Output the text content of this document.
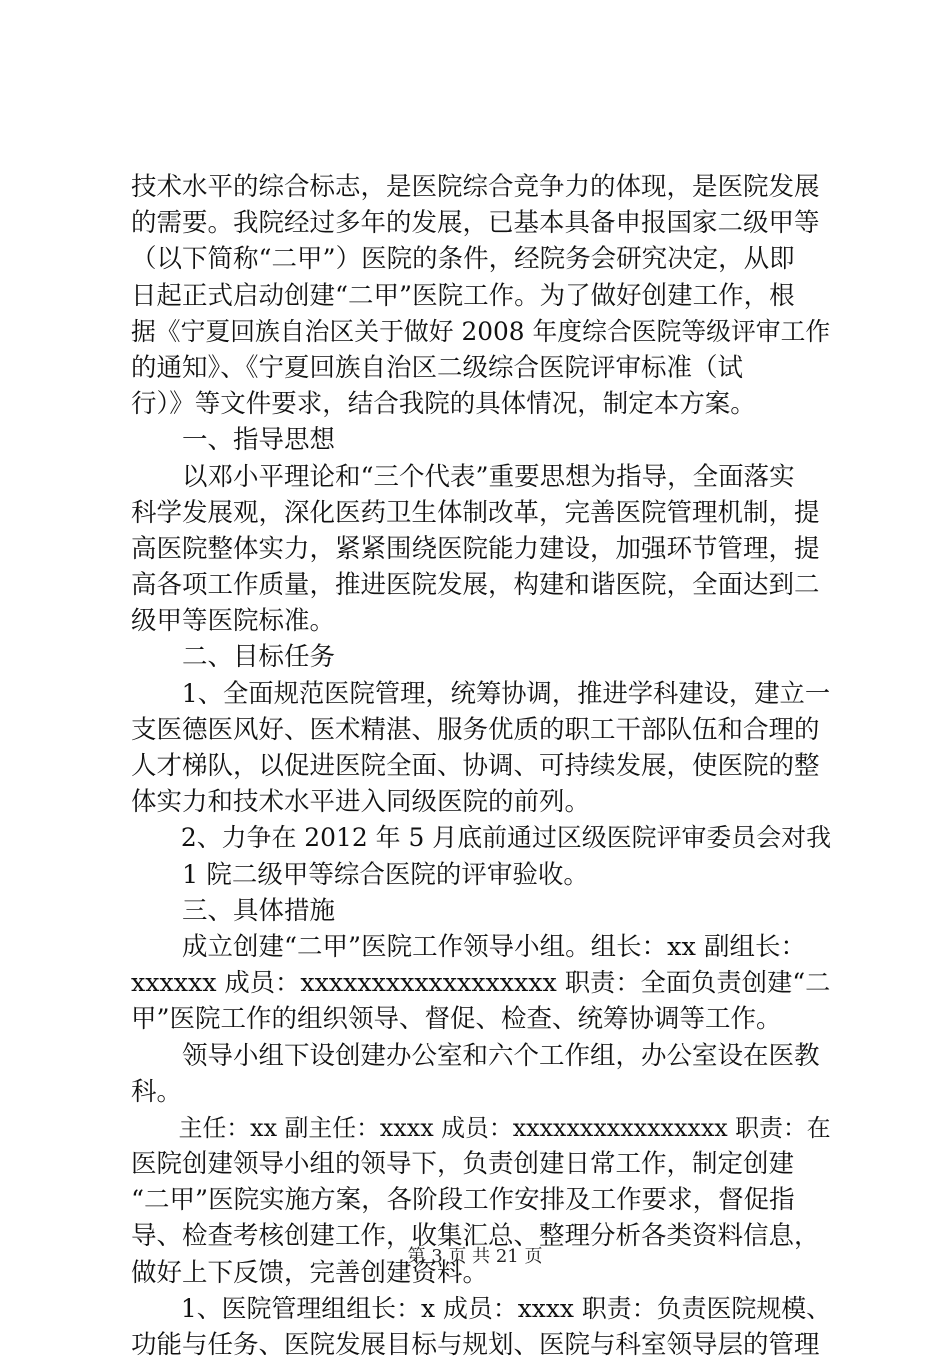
技术水平的综合标志，是医院综合竞争力的体现，是医院发展
的需要。我院经过多年的发展，已基本具备申报国家二级甲等
（以下简称“二甲”）医院的条件，经院务会研究决定，从即
日起正式启动创建“二甲”医院工作。为了做好创建工作，根
据《宁夏回族自治区关于做好 2008 年度综合医院等级评审工作
的通知》、《宁夏回族自治区二级综合医院评审标准（试
行）》等文件要求，结合我院的具体情况，制定本方案。
　　一、指导思想
　　以邓小平理论和“三个代表”重要思想为指导，全面落实
科学发展观，深化医药卫生体制改革，完善医院管理机制，提
高医院整体实力，紧紧围绕医院能力建设，加强环节管理，提
高各项工作质量，推进医院发展，构建和谐医院，全面达到二
级甲等医院标准。
　　二、目标任务
　　1、全面规范医院管理，统筹协调，推进学科建设，建立一
支医德医风好、医术精湛、服务优质的职工干部队伍和合理的
人才梯队，以促进医院全面、协调、可持续发展，使医院的整
体实力和技术水平进入同级医院的前列。
　　2、力争在 2012 年 5 月底前通过区级医院评审委员会对我
　　1 院二级甲等综合医院的评审验收。
　　三、具体措施
　　成立创建“二甲”医院工作领导小组。组长：xx 副组长：
xxxxxx 成员：xxxxxxxxxxxxxxxxxx 职责：全面负责创建“二
甲”医院工作的组织领导、督促、检查、统筹协调等工作。
　　领导小组下设创建办公室和六个工作组，办公室设在医教
科。
　　主任：xx 副主任：xxxx 成员：xxxxxxxxxxxxxxxx 职责：在
医院创建领导小组的领导下，负责创建日常工作，制定创建
“二甲”医院实施方案，各阶段工作安排及工作要求，督促指
导、检查考核创建工作，收集汇总、整理分析各类资料信息，
做好上下反馈，完善创建资料。
　　1、医院管理组组长：x 成员：xxxx 职责：负责医院规模、
功能与任务、医院发展目标与规划、医院与科室领导层的管理
第 3 页 共 21 页
